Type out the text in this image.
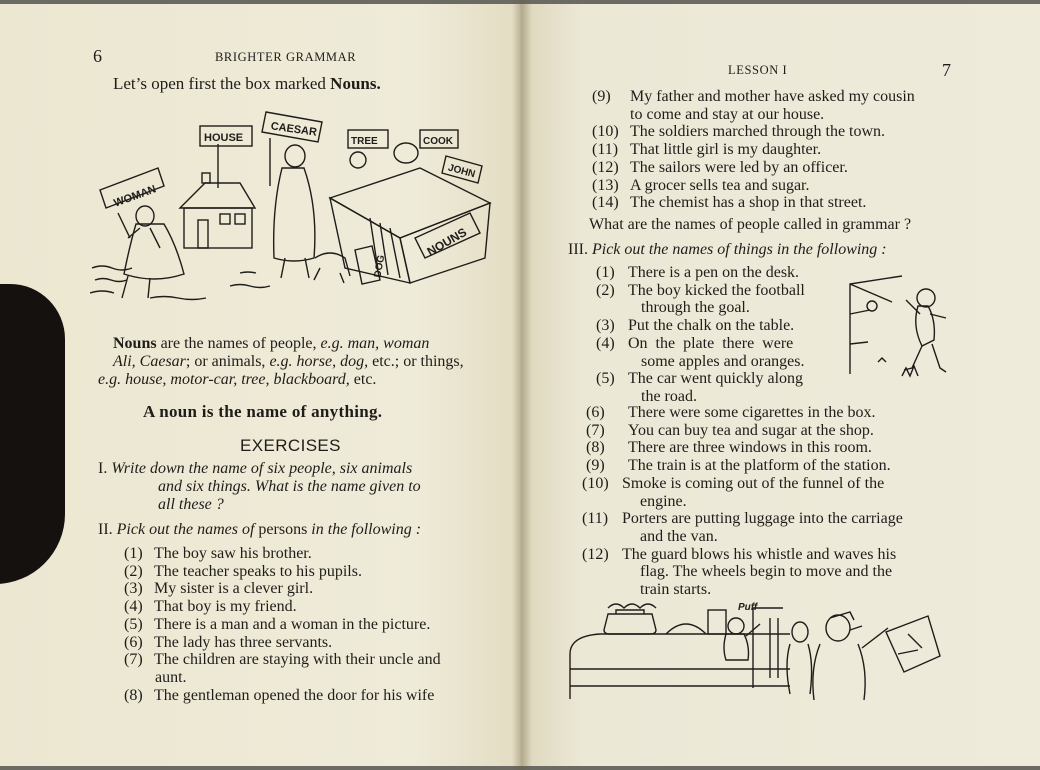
6	BRIGHTER GRAMMAR
Let’s open first the box marked Nouns.
WOMAN
HOUSE CAESAR
NOUNS
TREE	COOK
JOHN
DOG
Nouns are the names of people, e.g. man, woman
Ali, Caesar; or animals, e.g. horse, dog, etc.; or things,
e.g. house, motor-car, tree, blackboard, etc.
A noun is the name of anything.
EXERCISES
I. Write down the name of six people, six animals
and six things. What is the name given to
all these ?
II. Pick out the names of persons in the following :
(1) The boy saw his brother.
(2) The teacher speaks to his pupils.
(3) My sister is a clever girl.
(4) That boy is my friend.
(5) There is a man and a woman in the picture.
(6) The lady has three servants.
(7) The children are staying with their uncle and
aunt.
(8) The gentleman opened the door for his wife
LESSON I	7
(9) My father and mother have asked my cousin
to come and stay at our house.
(10) The soldiers marched through the town.
(11) That little girl is my daughter.
(12) The sailors were led by an officer.
(13) A grocer sells tea and sugar.
(14) The chemist has a shop in that street.
What are the names of people called in grammar ?
III. Pick out the names of things in the following :
(1) There is a pen on the desk.
(2) The boy kicked the football
through the goal.
(3) Put the chalk on the table.
(4) On the plate there were
some apples and oranges.
(5) The car went quickly along
the road.
(6) There were some cigarettes in the box.
(7) You can buy tea and sugar at the shop.
(8) There are three windows in this room.
(9) The train is at the platform of the station.
(10) Smoke is coming out of the funnel of the
engine.
(11) Porters are putting luggage into the carriage
and the van.
(12) The guard blows his whistle and waves his
flag. The wheels begin to move and the
train starts.
Puff
